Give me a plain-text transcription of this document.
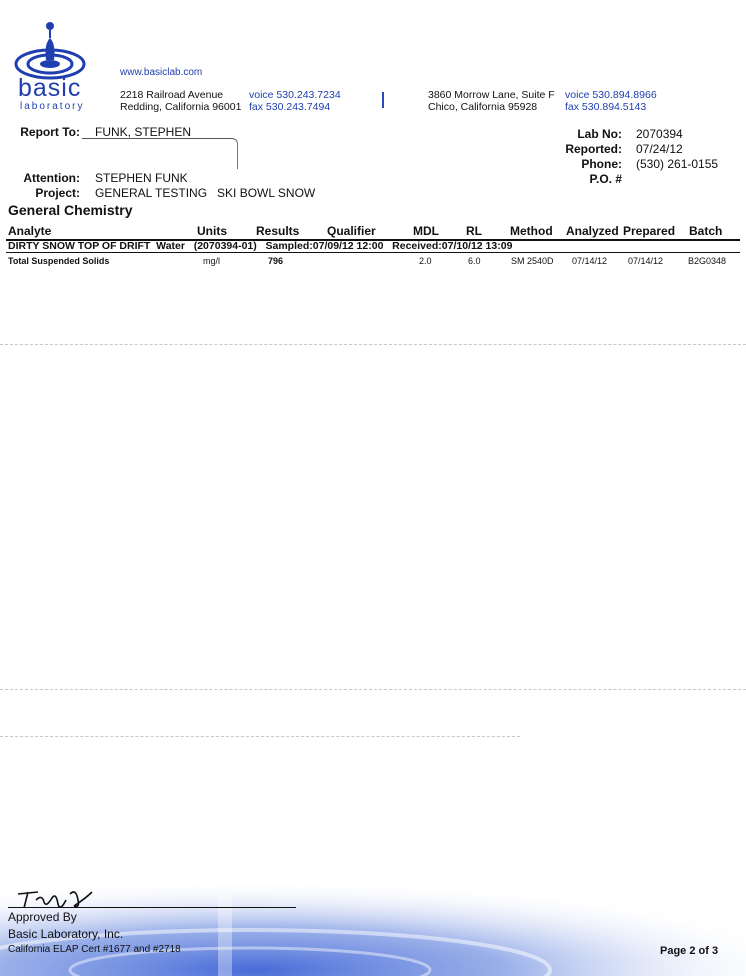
basic
laboratory
www.basiclab.com
2218 Railroad Avenue
Redding, California 96001
voice 530.243.7234
fax 530.243.7494
3860 Morrow Lane, Suite F
Chico, California 95928
voice 530.894.8966
fax 530.894.5143
Report To: FUNK, STEPHEN
Attention: STEPHEN FUNK
Project: GENERAL TESTING   SKI BOWL SNOW
Lab No: 2070394
Reported: 07/24/12
Phone: (530) 261-0155
P.O. #
General Chemistry
Analyte	Units Results Qualifier	MDL RL Method Analyzed Prepared Batch
DIRTY SNOW TOP OF DRIFT  Water   (2070394-01)   Sampled:07/09/12 12:00   Received:07/10/12 13:09
Total Suspended Solids	mg/l	796	2.0	6.0	SM 2540D 07/14/12 07/14/12	B2G0348
Approved By
Basic Laboratory, Inc.
California ELAP Cert #1677 and #2718	Page 2 of 3
